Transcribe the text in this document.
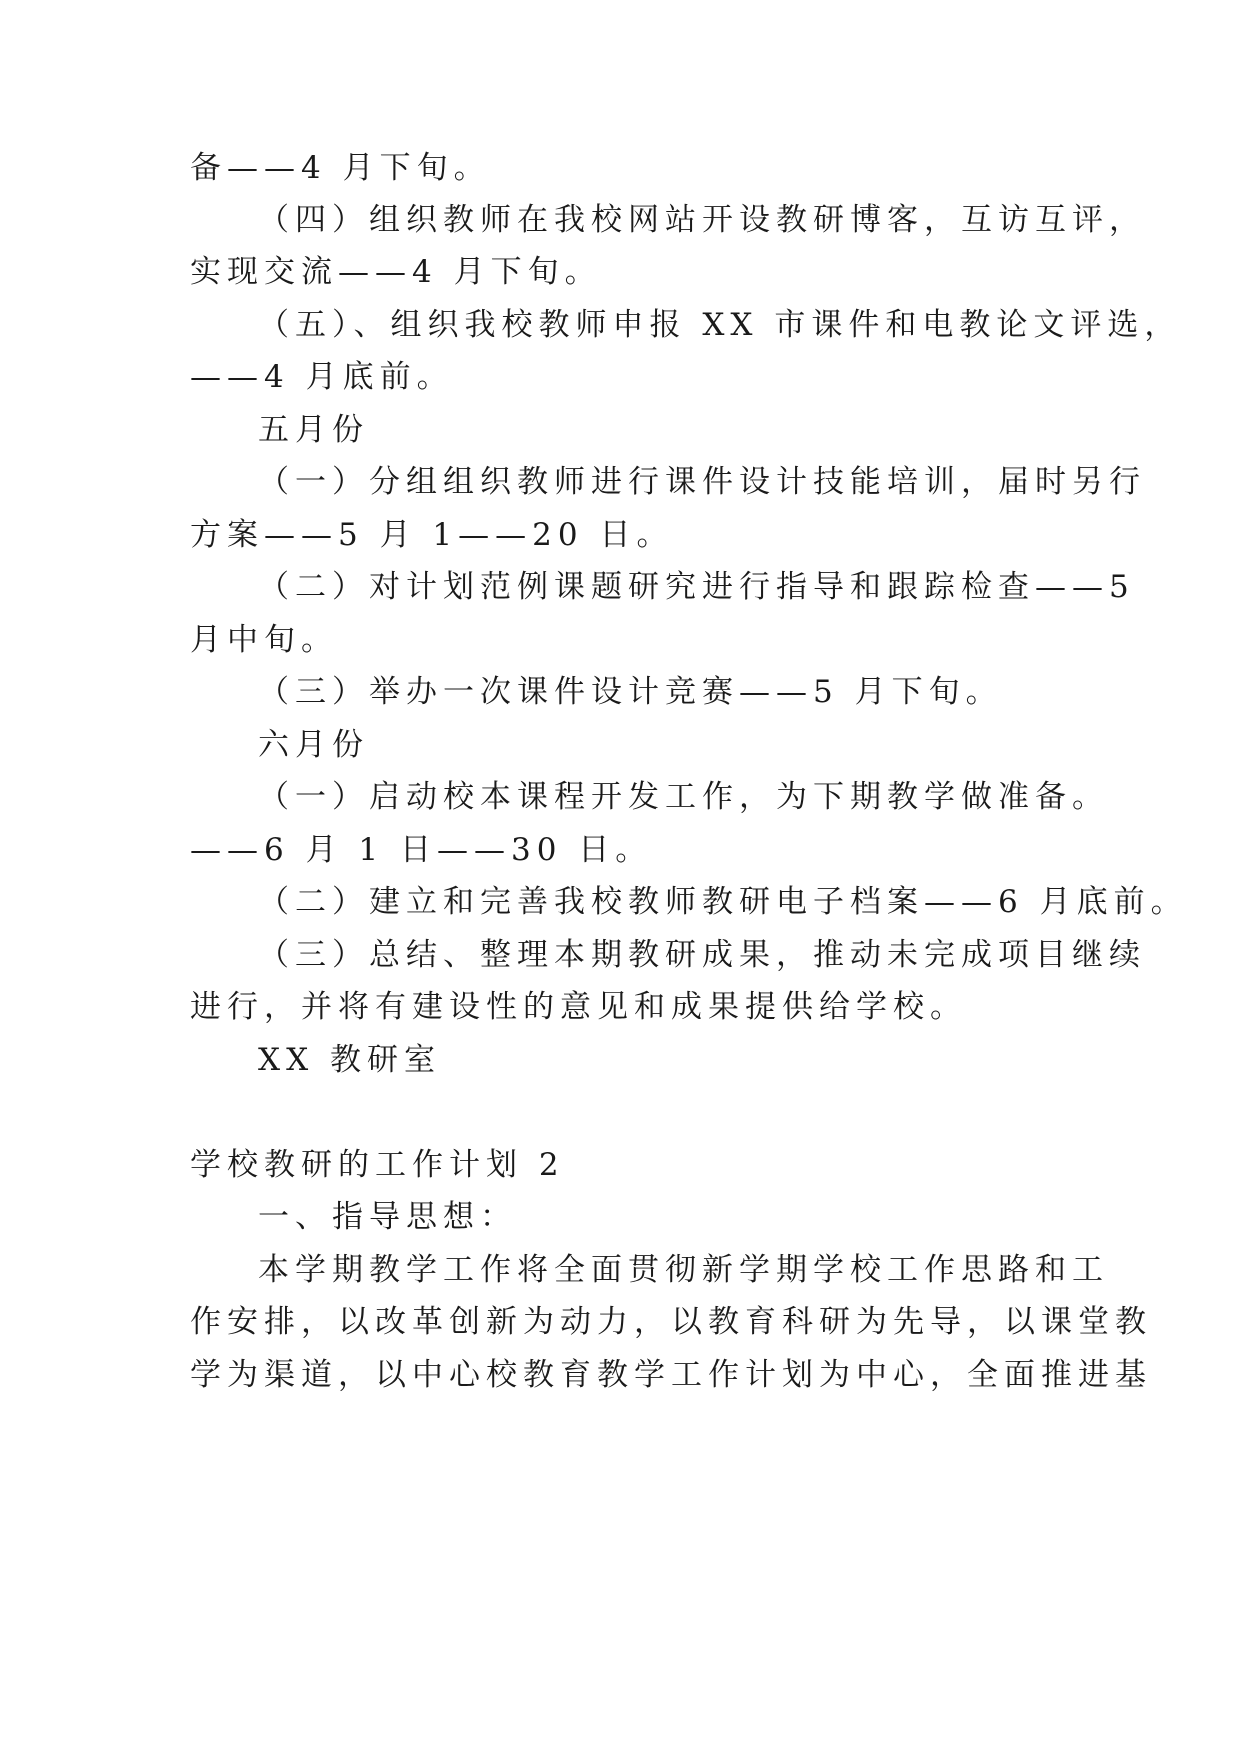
备——4 月下旬。
（四）组织教师在我校网站开设教研博客，互访互评，
实现交流——4 月下旬。
（五）、组织我校教师申报 XX 市课件和电教论文评选，
——4 月底前。
五月份
（一）分组组织教师进行课件设计技能培训，届时另行
方案——5 月 1——20 日。
（二）对计划范例课题研究进行指导和跟踪检查——5
月中旬。
（三）举办一次课件设计竞赛——5 月下旬。
六月份
（一）启动校本课程开发工作，为下期教学做准备。
——6 月 1 日——30 日。
（二）建立和完善我校教师教研电子档案——6 月底前。
（三）总结、整理本期教研成果，推动未完成项目继续
进行，并将有建设性的意见和成果提供给学校。
XX 教研室
学校教研的工作计划 2
一、指导思想：
本学期教学工作将全面贯彻新学期学校工作思路和工
作安排，以改革创新为动力，以教育科研为先导，以课堂教
学为渠道，以中心校教育教学工作计划为中心，全面推进基
